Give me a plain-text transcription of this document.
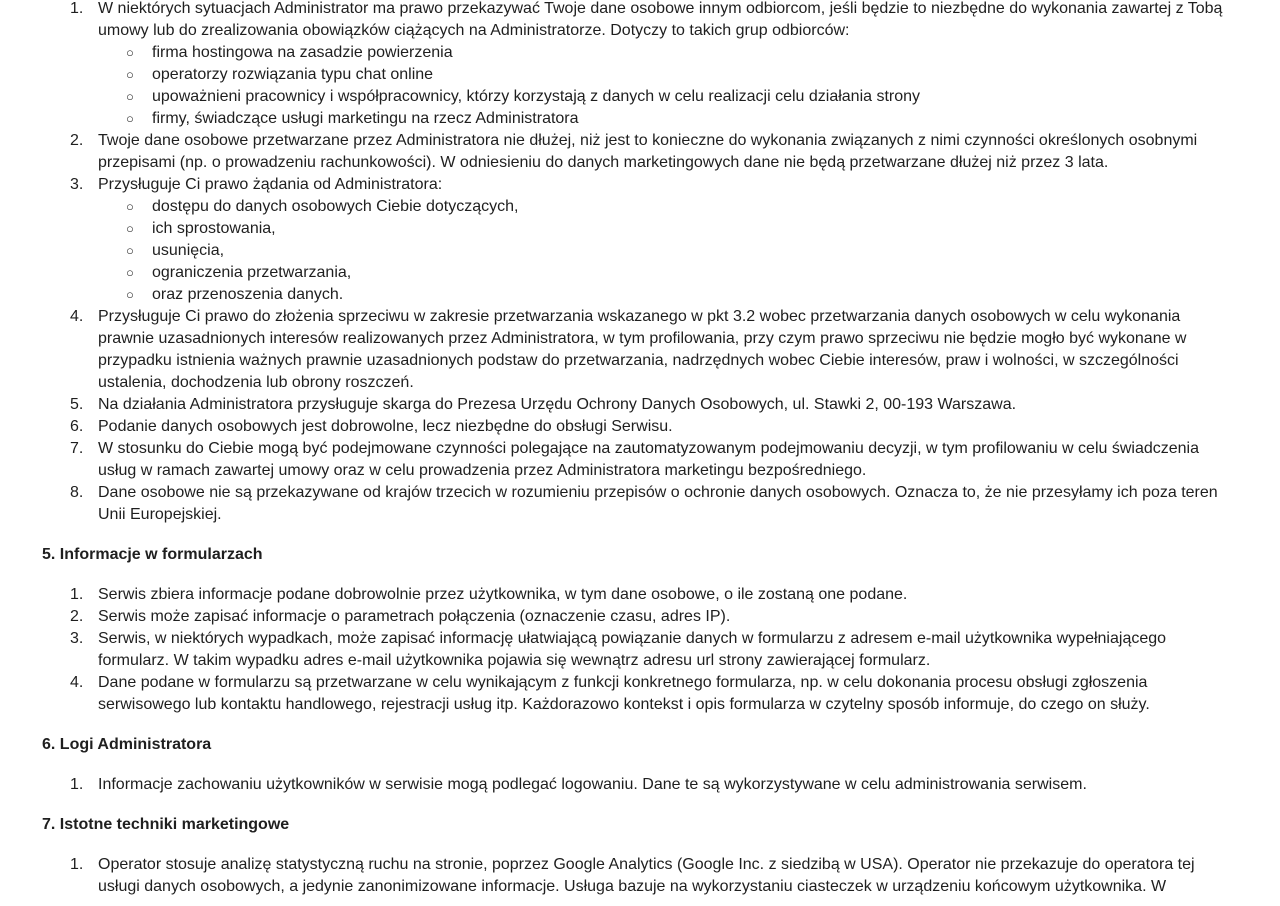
1. W niektórych sytuacjach Administrator ma prawo przekazywać Twoje dane osobowe innym odbiorcom, jeśli będzie to niezbędne do wykonania zawartej z Tobą umowy lub do zrealizowania obowiązków ciążących na Administratorze. Dotyczy to takich grup odbiorców:
○ firma hostingowa na zasadzie powierzenia
○ operatorzy rozwiązania typu chat online
○ upoważnieni pracownicy i współpracownicy, którzy korzystają z danych w celu realizacji celu działania strony
○ firmy, świadczące usługi marketingu na rzecz Administratora
2. Twoje dane osobowe przetwarzane przez Administratora nie dłużej, niż jest to konieczne do wykonania związanych z nimi czynności określonych osobnymi przepisami (np. o prowadzeniu rachunkowości). W odniesieniu do danych marketingowych dane nie będą przetwarzane dłużej niż przez 3 lata.
3. Przysługuje Ci prawo żądania od Administratora:
○ dostępu do danych osobowych Ciebie dotyczących,
○ ich sprostowania,
○ usunięcia,
○ ograniczenia przetwarzania,
○ oraz przenoszenia danych.
4. Przysługuje Ci prawo do złożenia sprzeciwu w zakresie przetwarzania wskazanego w pkt 3.2 wobec przetwarzania danych osobowych w celu wykonania prawnie uzasadnionych interesów realizowanych przez Administratora, w tym profilowania, przy czym prawo sprzeciwu nie będzie mogło być wykonane w przypadku istnienia ważnych prawnie uzasadnionych podstaw do przetwarzania, nadrzędnych wobec Ciebie interesów, praw i wolności, w szczególności ustalenia, dochodzenia lub obrony roszczeń.
5. Na działania Administratora przysługuje skarga do Prezesa Urzędu Ochrony Danych Osobowych, ul. Stawki 2, 00-193 Warszawa.
6. Podanie danych osobowych jest dobrowolne, lecz niezbędne do obsługi Serwisu.
7. W stosunku do Ciebie mogą być podejmowane czynności polegające na zautomatyzowanym podejmowaniu decyzji, w tym profilowaniu w celu świadczenia usług w ramach zawartej umowy oraz w celu prowadzenia przez Administratora marketingu bezpośredniego.
8. Dane osobowe nie są przekazywane od krajów trzecich w rozumieniu przepisów o ochronie danych osobowych. Oznacza to, że nie przesyłamy ich poza teren Unii Europejskiej.
5. Informacje w formularzach
1. Serwis zbiera informacje podane dobrowolnie przez użytkownika, w tym dane osobowe, o ile zostaną one podane.
2. Serwis może zapisać informacje o parametrach połączenia (oznaczenie czasu, adres IP).
3. Serwis, w niektórych wypadkach, może zapisać informację ułatwiającą powiązanie danych w formularzu z adresem e-mail użytkownika wypełniającego formularz. W takim wypadku adres e-mail użytkownika pojawia się wewnątrz adresu url strony zawierającej formularz.
4. Dane podane w formularzu są przetwarzane w celu wynikającym z funkcji konkretnego formularza, np. w celu dokonania procesu obsługi zgłoszenia serwisowego lub kontaktu handlowego, rejestracji usług itp. Każdorazowo kontekst i opis formularza w czytelny sposób informuje, do czego on służy.
6. Logi Administratora
1. Informacje zachowaniu użytkowników w serwisie mogą podlegać logowaniu. Dane te są wykorzystywane w celu administrowania serwisem.
7. Istotne techniki marketingowe
1. Operator stosuje analizę statystyczną ruchu na stronie, poprzez Google Analytics (Google Inc. z siedzibą w USA). Operator nie przekazuje do operatora tej usługi danych osobowych, a jedynie zanonimizowane informacje. Usługa bazuje na wykorzystaniu ciasteczek w urządzeniu końcowym użytkownika. W
